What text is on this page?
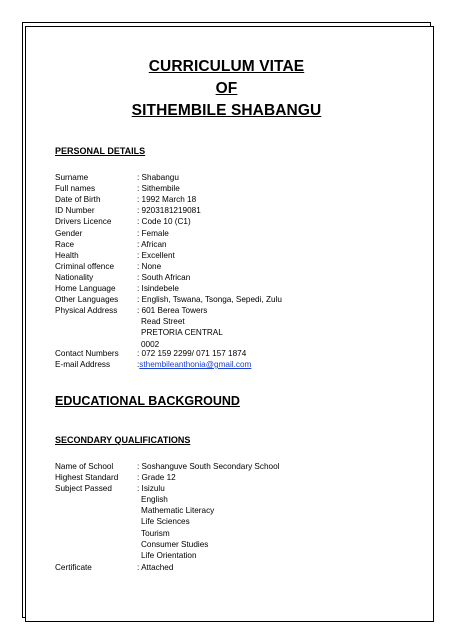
CURRICULUM VITAE
OF
SITHEMBILE SHABANGU
PERSONAL DETAILS
Surname	: Shabangu
Full names	: Sithembile
Date of Birth	: 1992 March 18
ID Number	: 9203181219081
Drivers Licence	: Code 10 (C1)
Gender	: Female
Race	: African
Health	: Excellent
Criminal offence	: None
Nationality	: South African
Home Language	: Isindebele
Other Languages : English, Tswana, Tsonga, Sepedi, Zulu
Physical Address : 601 Berea Towers
Read Street
PRETORIA CENTRAL
0002
Contact Numbers : 072 159 2299/ 071 157 1874
E-mail Address	:sthembileanthonia@gmail.com
EDUCATIONAL BACKGROUND
SECONDARY QUALIFICATIONS
Name of School	: Soshanguve South Secondary School
Highest Standard : Grade 12
Subject Passed	: Isizulu
English
Mathematic Literacy
Life Sciences
Tourism
Consumer Studies
Life Orientation
Certificate	: Attached
